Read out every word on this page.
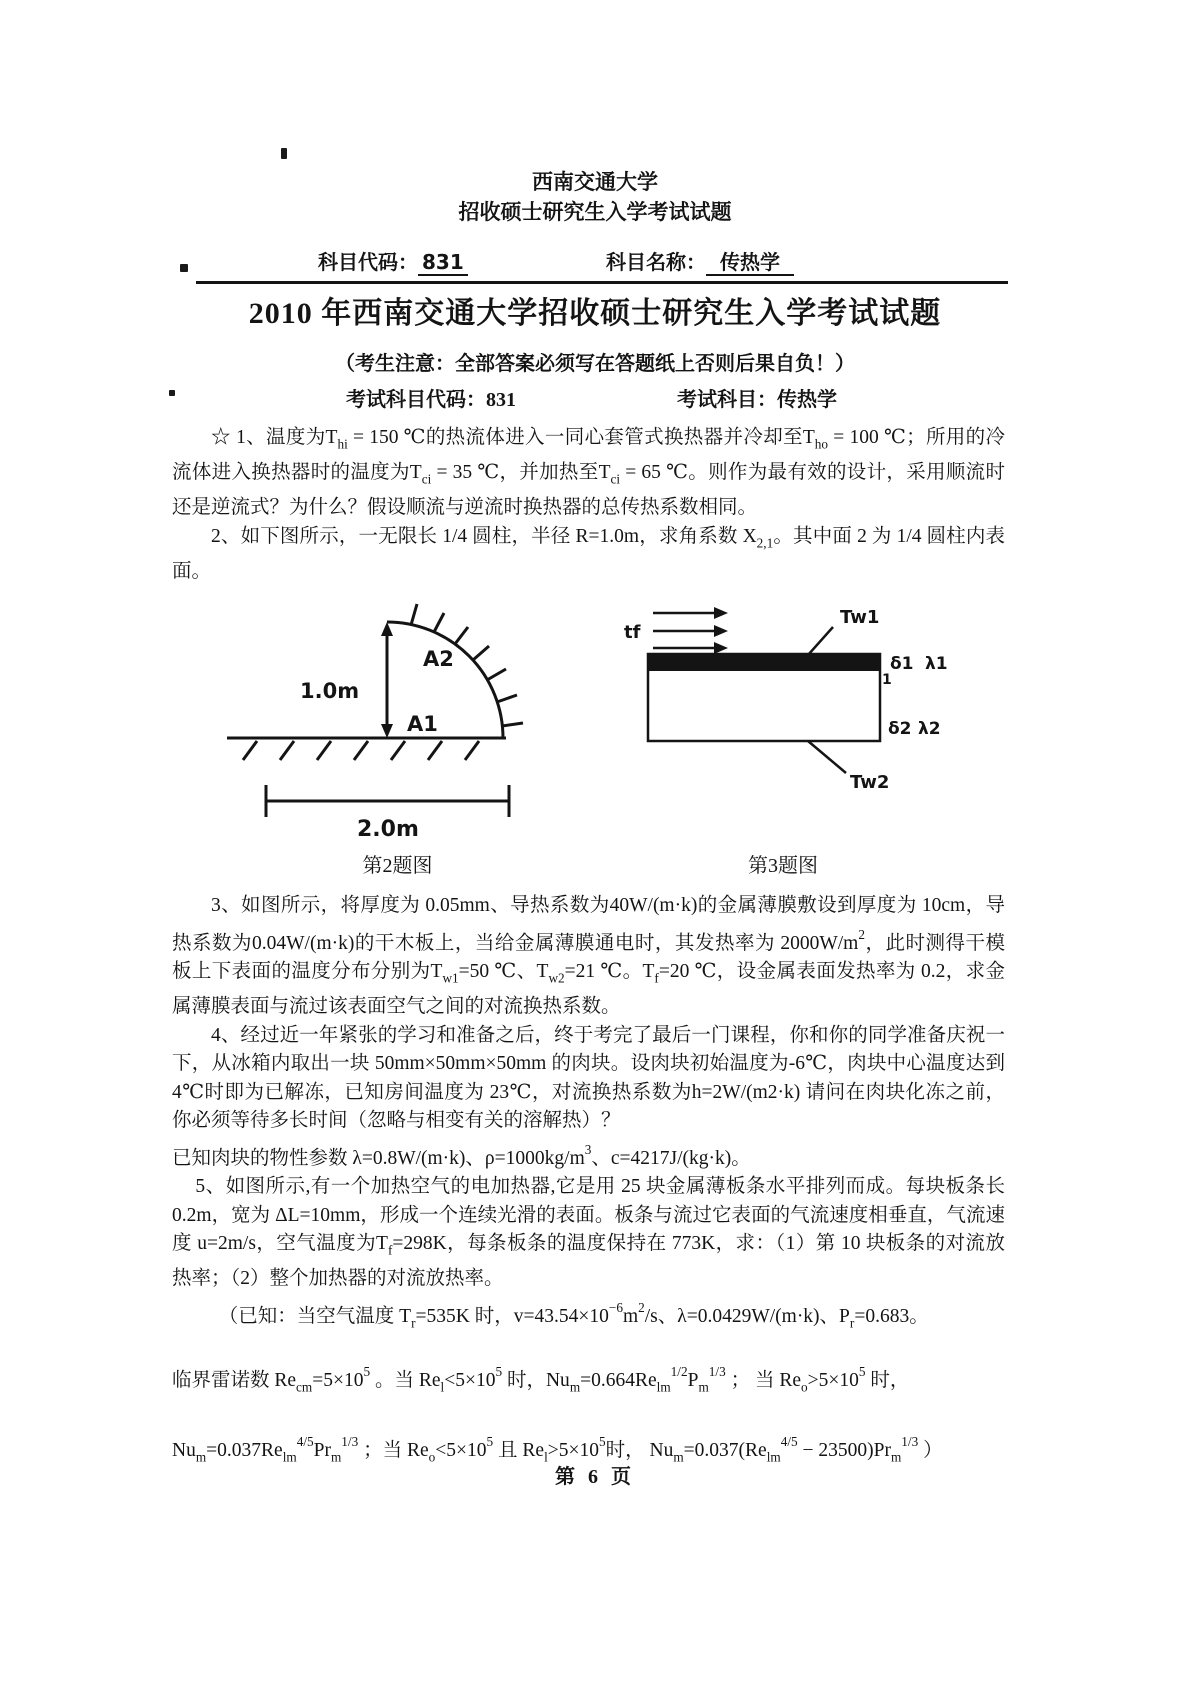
西南交通大学
招收硕士研究生入学考试试题
科目代码： 831	科目名称： 传热学
2010 年西南交通大学招收硕士研究生入学考试试题
（考生注意：全部答案必须写在答题纸上否则后果自负！）
考试科目代码：831	考试科目：传热学

☆ 1、温度为$T_{hi} = 150$ ℃的热流体进入一同心套管式换热器并冷却至$T_{ho} = 100$ ℃；所用的冷流体进入换热器时的温度为$T_{ci} = 35$ ℃，并加热至$T_{ci} = 65$ ℃。则作为最有效的设计，采用顺流时还是逆流式？为什么？假设顺流与逆流时换热器的总传热系数相同。

2、如下图所示，一无限长 1/4 圆柱，半径 R=1.0m，求角系数 $X_{2,1}$。其中面 2 为 1/4 圆柱内表面。

1.0m
A2
A1
2.0m
tf
Tw1
δ1 λ1
1
δ2 λ2
Tw2
第2题图	第3题图

3、如图所示，将厚度为 0.05mm、导热系数为40W/(m·k)的金属薄膜敷设到厚度为 10cm，导热系数为0.04W/(m·k)的干木板上，当给金属薄膜通电时，其发热率为 $2000W/m^2$，此时测得干模板上下表面的温度分布分别为$T_{w1}=50$ ℃、$T_{w2}=21$ ℃。$T_f=20$ ℃，设金属表面发热率为 0.2，求金属薄膜表面与流过该表面空气之间的对流换热系数。

4、经过近一年紧张的学习和准备之后，终于考完了最后一门课程，你和你的同学准备庆祝一下，从冰箱内取出一块 50mm×50mm×50mm 的肉块。设肉块初始温度为-6℃，肉块中心温度达到 4℃时即为已解冻，已知房间温度为 23℃，对流换热系数为h=2W/(m2·k) 请问在肉块化冻之前，你必须等待多长时间（忽略与相变有关的溶解热）？

已知肉块的物性参数 λ=0.8W/(m·k)、$\rho=1000kg/m^3$、c=4217J/(kg·k)。

5、如图所示,有一个加热空气的电加热器,它是用 25 块金属薄板条水平排列而成。每块板条长 0.2m，宽为 ΔL=10mm，形成一个连续光滑的表面。板条与流过它表面的气流速度相垂直，气流速度 u=2m/s，空气温度为$T_f=298K$，每条板条的温度保持在 773K，求：（1）第 10 块板条的对流放热率；（2）整个加热器的对流放热率。

（已知：当空气温度 $T_r=535K$ 时，$v=43.54\times 10^{-6}m^2/s$、λ=0.0429W/(m·k)、$P_r=0.683$。

临界雷诺数 $Re_{cm}=5\times 10^5$ 。当 $Re_l<5\times 10^5$ 时，$Nu_m=0.664Re_{lm}^{1/2}P_m^{1/3}$ ； 当 $Re_o>5\times 10^5$ 时，

$Nu_m=0.037Re_{lm}^{4/5}Pr_m^{1/3}$ ；当 $Re_o<5\times 10^5$ 且 $Re_l>5\times 10^5$时， $Nu_m=0.037(Re_{lm}^{4/5} - 23500)Pr_m^{1/3}$ ）

第 6 页
